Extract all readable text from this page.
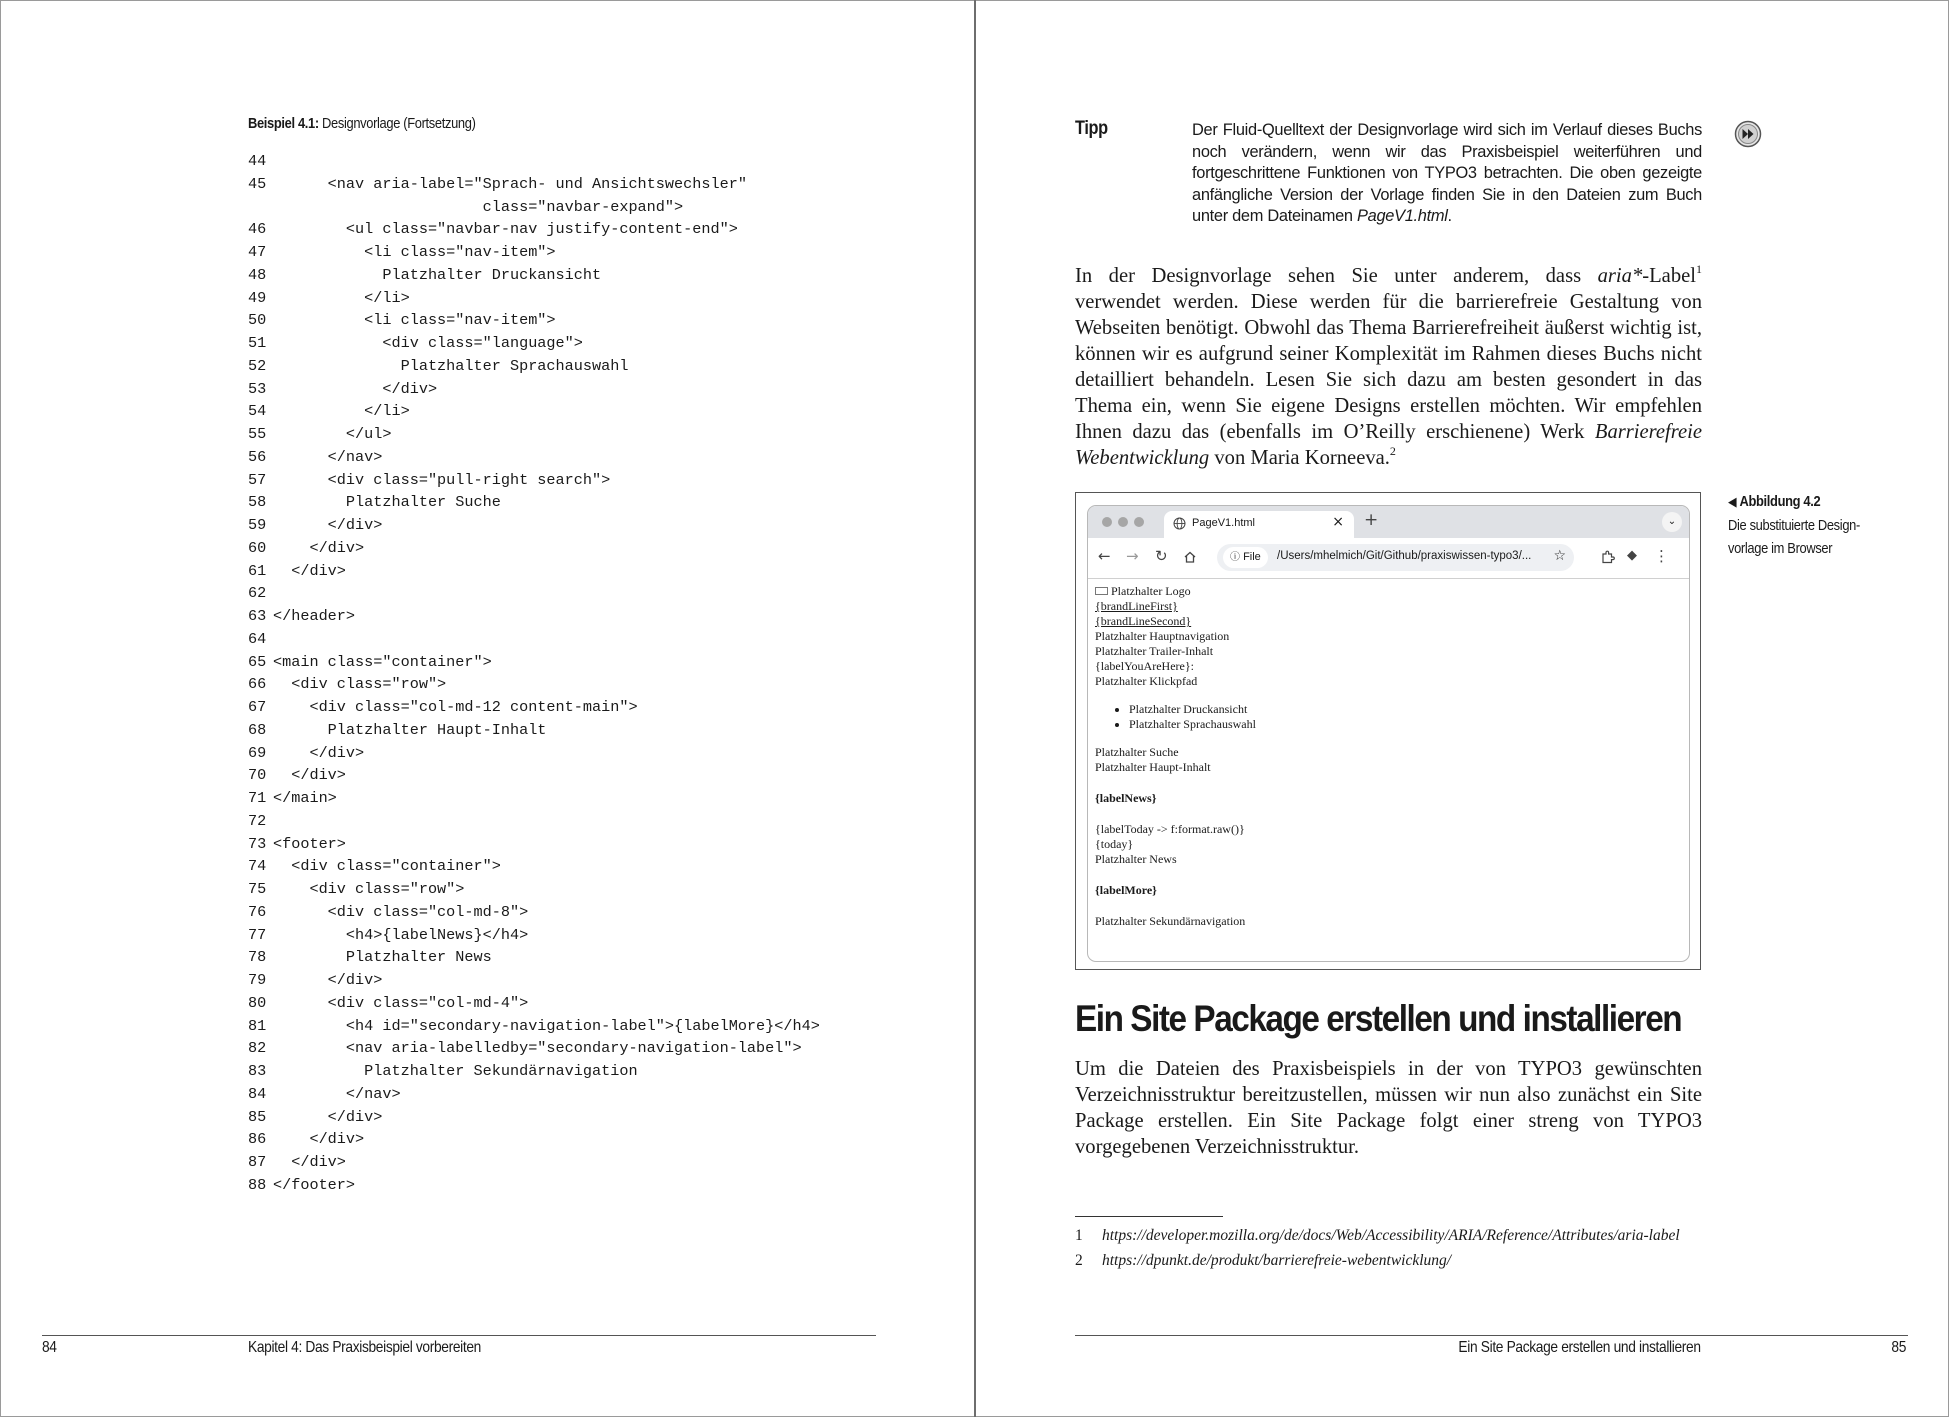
Beispiel 4.1: Designvorlage (Fortsetzung)
44
45 <nav aria-label="Sprach- und Ansichtswechsler"
class="navbar-expand">
46 <ul class="navbar-nav justify-content-end">
47 <li class="nav-item">
48 Platzhalter Druckansicht
49 </li>
50 <li class="nav-item">
51 <div class="language">
52 Platzhalter Sprachauswahl
53 </div>
54 </li>
55 </ul>
56 </nav>
57 <div class="pull-right search">
58 Platzhalter Suche
59 </div>
60 </div>
61 </div>
62
63 </header>
64
65 <main class="container">
66 <div class="row">
67 <div class="col-md-12 content-main">
68 Platzhalter Haupt-Inhalt
69 </div>
70 </div>
71 </main>
72
73 <footer>
74 <div class="container">
75 <div class="row">
76 <div class="col-md-8">
77 <h4>{labelNews}</h4>
78 Platzhalter News
79 </div>
80 <div class="col-md-4">
81 <h4 id="secondary-navigation-label">{labelMore}</h4>
82 <nav aria-labelledby="secondary-navigation-label">
83 Platzhalter Sekundärnavigation
84 </nav>
85 </div>
86 </div>
87 </div>
88 </footer>
84	Kapitel 4: Das Praxisbeispiel vorbereiten
Tipp	Der Fluid-Quelltext der Designvorlage wird sich im Verlauf dieses Buchs noch verändern, wenn wir das Praxisbeispiel weiterführen und fortgeschrittene Funktionen von TYPO3 betrachten. Die oben gezeigte anfängliche Version der Vorlage finden Sie in den Dateien zum Buch unter dem Dateinamen PageV1.html.
In der Designvorlage sehen Sie unter anderem, dass aria*-Label$^1$ verwendet werden. Diese werden für die barrierefreie Gestaltung von Webseiten benötigt. Obwohl das Thema Barrierefreiheit äußerst wichtig ist, können wir es aufgrund seiner Komplexität im Rahmen dieses Buchs nicht detailliert behandeln. Lesen Sie sich dazu am besten gesondert in das Thema ein, wenn Sie eigene Designs erstellen möchten. Wir empfehlen Ihnen dazu das (ebenfalls im O’Reilly erschienene) Werk Barrierefreie Webentwicklung von Maria Korneeva.$^2$
PageV1.html	× +	⌄
← → ↻	ⓘ File	/Users/mhelmich/Git/Github/praxiswissen-typo3/... ☆	◆ ⋮
Platzhalter Logo
{brandLineFirst}
{brandLineSecond}
Platzhalter Hauptnavigation
Platzhalter Trailer-Inhalt
{labelYouAreHere}:
Platzhalter Klickpfad
• Platzhalter Druckansicht
• Platzhalter Sprachauswahl
Platzhalter Suche
Platzhalter Haupt-Inhalt
{labelNews}
{labelToday -> f:format.raw()}
{today}
Platzhalter News
{labelMore}
Platzhalter Sekundärnavigation
◀ Abbildung 4.2
Die substituierte Design-
vorlage im Browser
Ein Site Package erstellen und installieren
Um die Dateien des Praxisbeispiels in der von TYPO3 gewünschten Verzeichnisstruktur bereitzustellen, müssen wir nun also zunächst ein Site Package erstellen. Ein Site Package folgt einer streng von TYPO3 vorgegebenen Verzeichnisstruktur.
1 https://developer.mozilla.org/de/docs/Web/Accessibility/ARIA/Reference/Attributes/aria-label
2 https://dpunkt.de/produkt/barrierefreie-webentwicklung/
Ein Site Package erstellen und installieren	85
